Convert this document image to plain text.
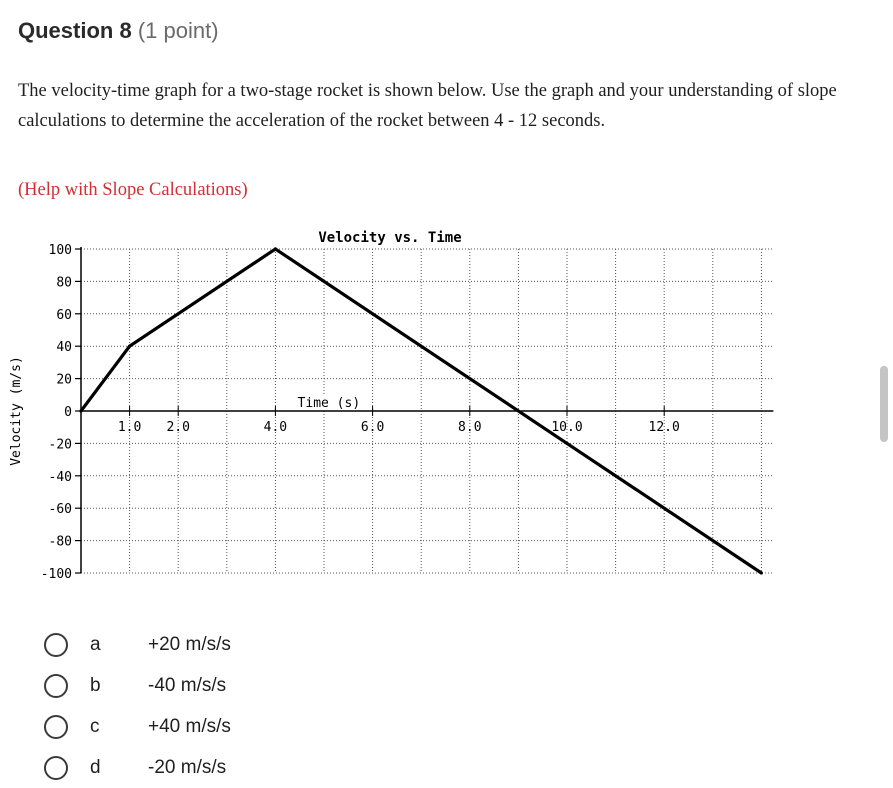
Question 8 (1 point)
The velocity-time graph for a two-stage rocket is shown below. Use the graph and your understanding of slope calculations to determine the acceleration of the rocket between 4 - 12 seconds.
(Help with Slope Calculations)
Velocity vs. Time
100
80
60
40
20
0
-20
-40
-60
-80
-100
1.0 2.0	4.0	6.0	8.0	10.0	12.0
Time (s)
Velocity (m/s)
a +20 m/s/s
b -40 m/s/s
c	+40 m/s/s
d -20 m/s/s
